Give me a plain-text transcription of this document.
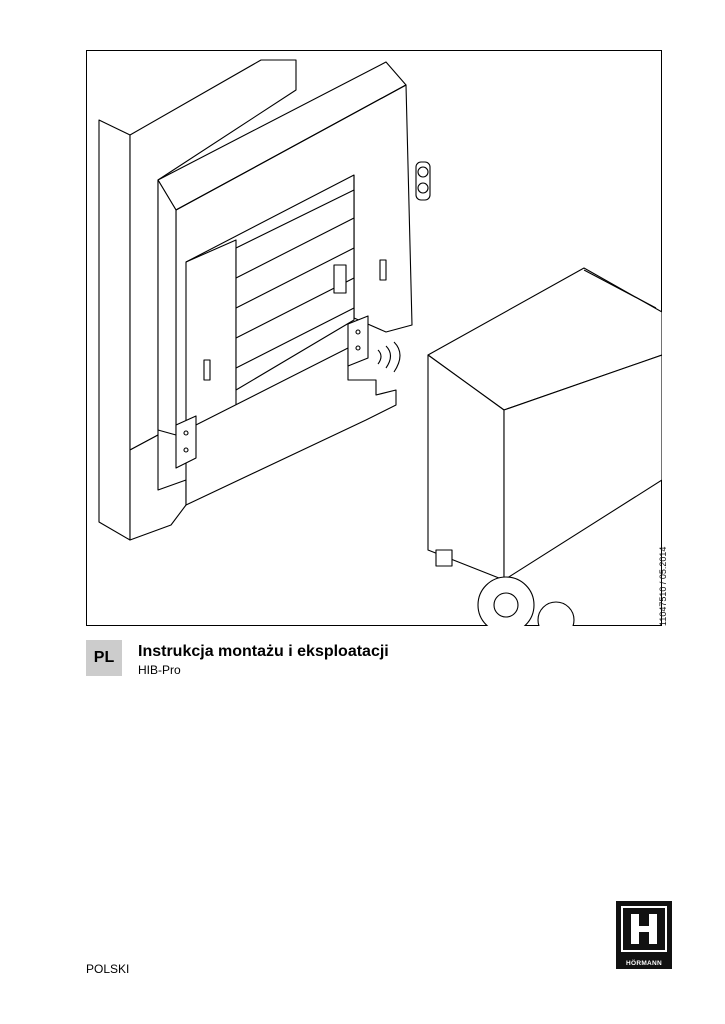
11047510 / 05.2014
PL	Instrukcja montażu i eksploatacji
HIB-Pro
POLSKI	HÖRMANN
